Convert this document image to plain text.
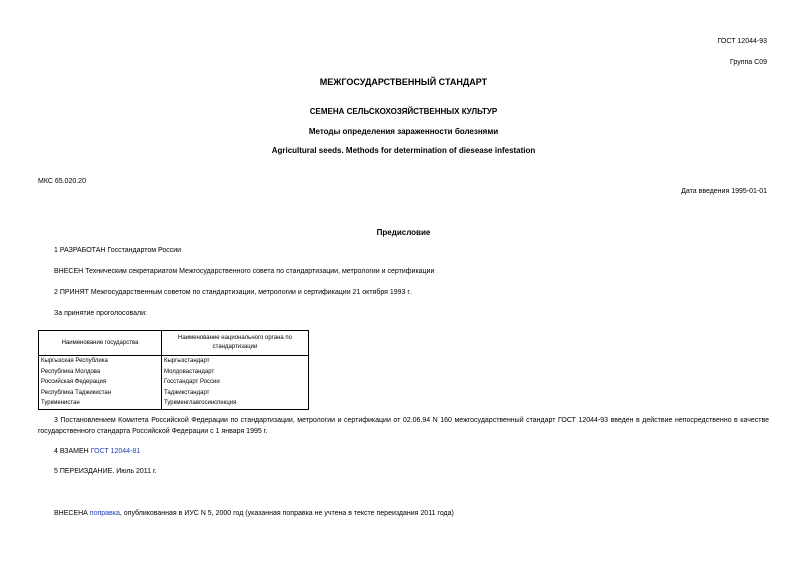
ГОСТ 12044-93
Группа С09
МЕЖГОСУДАРСТВЕННЫЙ СТАНДАРТ
СЕМЕНА СЕЛЬСКОХОЗЯЙСТВЕННЫХ КУЛЬТУР
Методы определения зараженности болезнями
Agricultural seeds. Methods for determination of diesease infestation
МКС 65.020.20
Дата введения 1995-01-01
Предисловие
1 РАЗРАБОТАН Госстандартом России
ВНЕСЕН Техническим секретариатом Межгосударственного совета по стандартизации, метрологии и сертификации
2 ПРИНЯТ Межгосударственным советом по стандартизации, метрологии и сертификации 21 октября 1993 г.
За принятие проголосовали:
Наименование государства	Наименование национального органа по стандартизации
Кыргызская Республика	Кыргызстандарт
Республика Молдова	Молдовастандарт
Российская Федерация	Госстандарт России
Республика Таджикистан	Таджикстандарт
Туркменистан	Туркменглавгосинспекция
3 Постановлением Комитета Российской Федерации по стандартизации, метрологии и сертификации от 02.06.94 N 160 межгосударственный стандарт ГОСТ 12044-93 введен в действие непосредственно в качестве государственного стандарта Российской Федерации с 1 января 1995 г.
4 ВЗАМЕН ГОСТ 12044-81
5 ПЕРЕИЗДАНИЕ. Июль 2011 г.
ВНЕСЕНА поправка, опубликованная в ИУС N 5, 2000 год (указанная поправка не учтена в тексте переиздания 2011 года)
